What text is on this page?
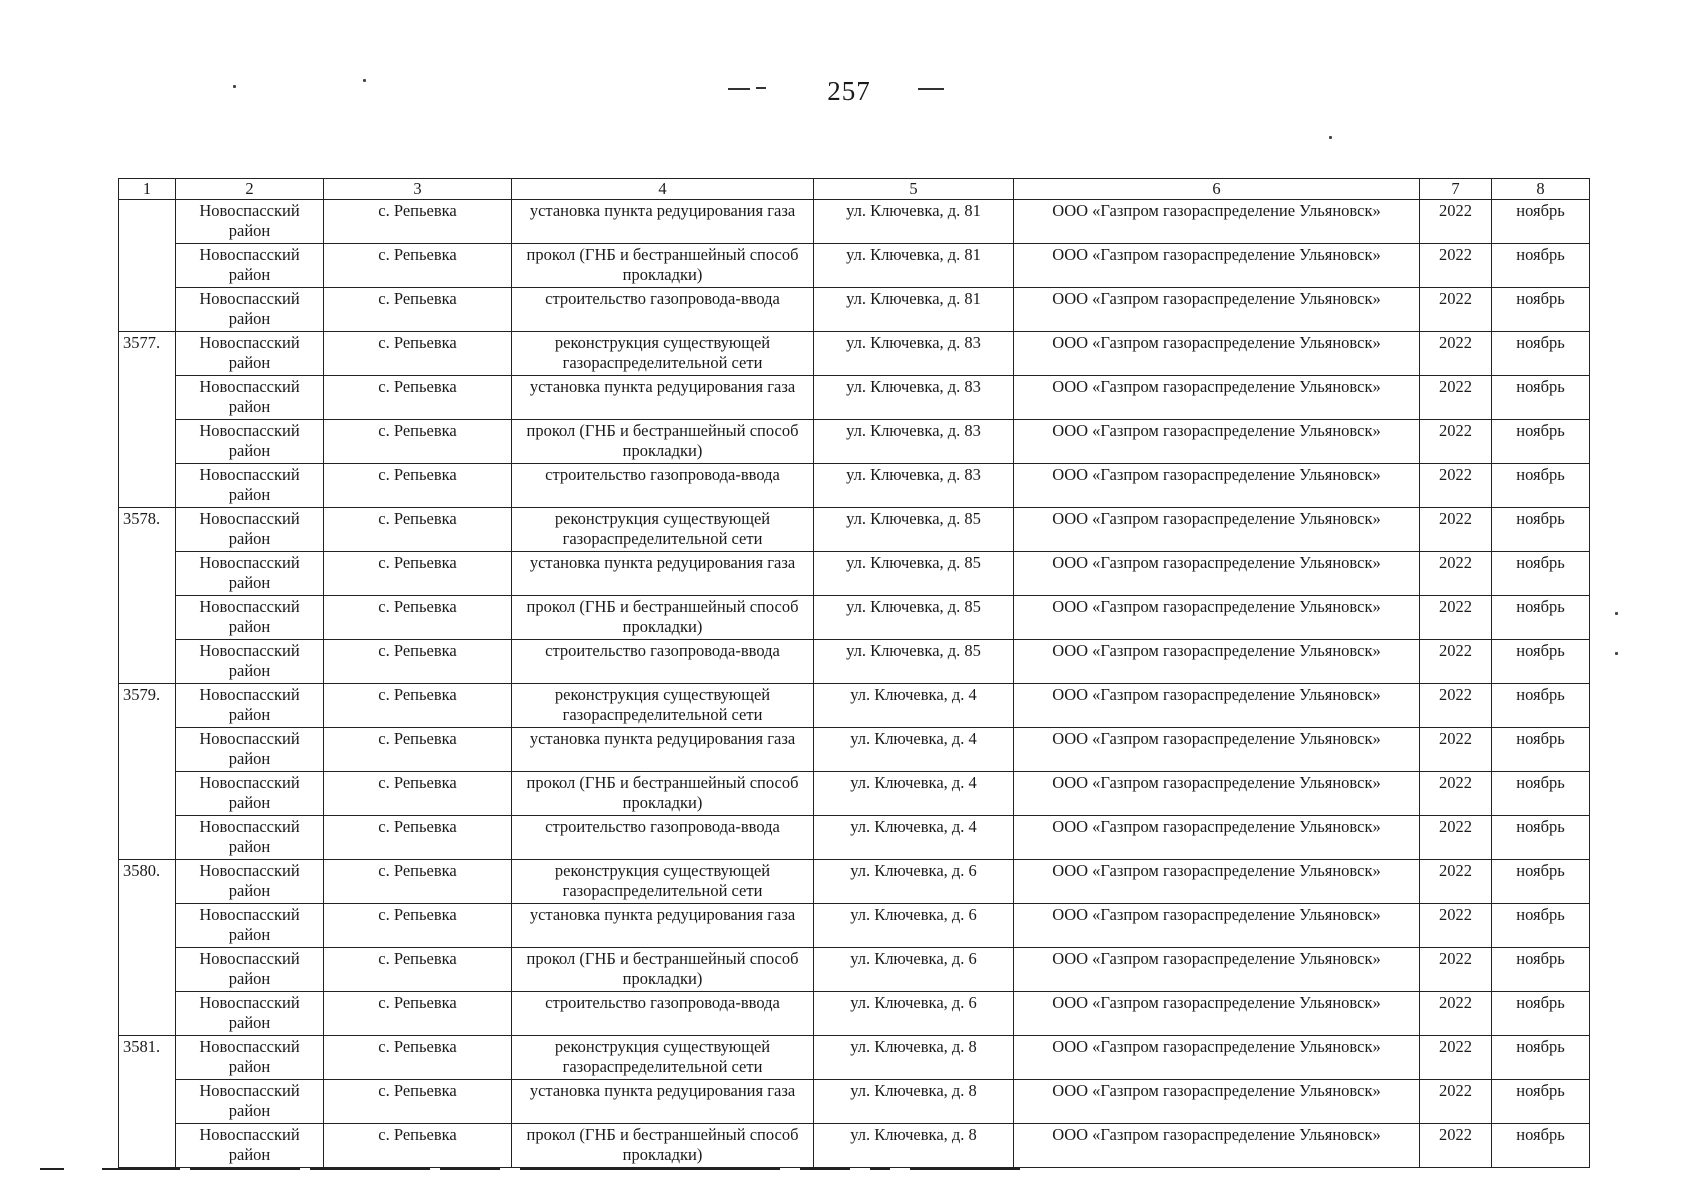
257
1	2	3	4	5	6	7	8
	Новоспасский район	с. Репьевка	установка пункта редуцирования газа	ул. Ключевка, д. 81	ООО «Газпром газораспределение Ульяновск»	2022	ноябрь
	Новоспасский район	с. Репьевка	прокол (ГНБ и бестраншейный способ прокладки)	ул. Ключевка, д. 81	ООО «Газпром газораспределение Ульяновск»	2022	ноябрь
	Новоспасский район	с. Репьевка	строительство газопровода-ввода	ул. Ключевка, д. 81	ООО «Газпром газораспределение Ульяновск»	2022	ноябрь
3577.	Новоспасский район	с. Репьевка	реконструкция существующей газораспределительной сети	ул. Ключевка, д. 83	ООО «Газпром газораспределение Ульяновск»	2022	ноябрь
	Новоспасский район	с. Репьевка	установка пункта редуцирования газа	ул. Ключевка, д. 83	ООО «Газпром газораспределение Ульяновск»	2022	ноябрь
	Новоспасский район	с. Репьевка	прокол (ГНБ и бестраншейный способ прокладки)	ул. Ключевка, д. 83	ООО «Газпром газораспределение Ульяновск»	2022	ноябрь
	Новоспасский район	с. Репьевка	строительство газопровода-ввода	ул. Ключевка, д. 83	ООО «Газпром газораспределение Ульяновск»	2022	ноябрь
3578.	Новоспасский район	с. Репьевка	реконструкция существующей газораспределительной сети	ул. Ключевка, д. 85	ООО «Газпром газораспределение Ульяновск»	2022	ноябрь
	Новоспасский район	с. Репьевка	установка пункта редуцирования газа	ул. Ключевка, д. 85	ООО «Газпром газораспределение Ульяновск»	2022	ноябрь
	Новоспасский район	с. Репьевка	прокол (ГНБ и бестраншейный способ прокладки)	ул. Ключевка, д. 85	ООО «Газпром газораспределение Ульяновск»	2022	ноябрь
	Новоспасский район	с. Репьевка	строительство газопровода-ввода	ул. Ключевка, д. 85	ООО «Газпром газораспределение Ульяновск»	2022	ноябрь
3579.	Новоспасский район	с. Репьевка	реконструкция существующей газораспределительной сети	ул. Ключевка, д. 4	ООО «Газпром газораспределение Ульяновск»	2022	ноябрь
	Новоспасский район	с. Репьевка	установка пункта редуцирования газа	ул. Ключевка, д. 4	ООО «Газпром газораспределение Ульяновск»	2022	ноябрь
	Новоспасский район	с. Репьевка	прокол (ГНБ и бестраншейный способ прокладки)	ул. Ключевка, д. 4	ООО «Газпром газораспределение Ульяновск»	2022	ноябрь
	Новоспасский район	с. Репьевка	строительство газопровода-ввода	ул. Ключевка, д. 4	ООО «Газпром газораспределение Ульяновск»	2022	ноябрь
3580.	Новоспасский район	с. Репьевка	реконструкция существующей газораспределительной сети	ул. Ключевка, д. 6	ООО «Газпром газораспределение Ульяновск»	2022	ноябрь
	Новоспасский район	с. Репьевка	установка пункта редуцирования газа	ул. Ключевка, д. 6	ООО «Газпром газораспределение Ульяновск»	2022	ноябрь
	Новоспасский район	с. Репьевка	прокол (ГНБ и бестраншейный способ прокладки)	ул. Ключевка, д. 6	ООО «Газпром газораспределение Ульяновск»	2022	ноябрь
	Новоспасский район	с. Репьевка	строительство газопровода-ввода	ул. Ключевка, д. 6	ООО «Газпром газораспределение Ульяновск»	2022	ноябрь
3581.	Новоспасский район	с. Репьевка	реконструкция существующей газораспределительной сети	ул. Ключевка, д. 8	ООО «Газпром газораспределение Ульяновск»	2022	ноябрь
	Новоспасский район	с. Репьевка	установка пункта редуцирования газа	ул. Ключевка, д. 8	ООО «Газпром газораспределение Ульяновск»	2022	ноябрь
	Новоспасский район	с. Репьевка	прокол (ГНБ и бестраншейный способ прокладки)	ул. Ключевка, д. 8	ООО «Газпром газораспределение Ульяновск»	2022	ноябрь
